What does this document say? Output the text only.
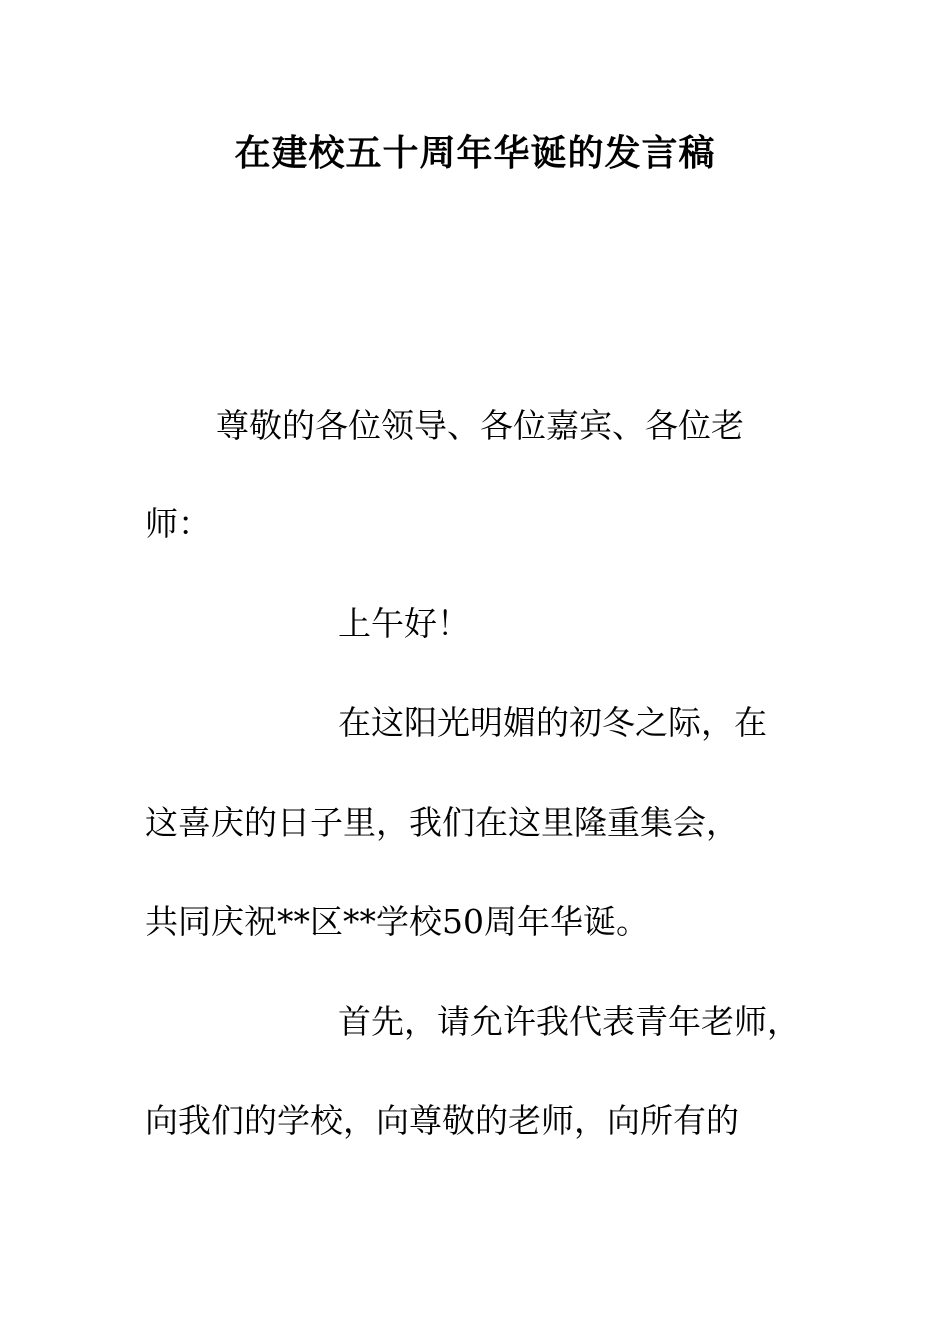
在建校五十周年华诞的发言稿
尊敬的各位领导、各位嘉宾、各位老
师：
上午好！
在这阳光明媚的初冬之际，在
这喜庆的日子里，我们在这里隆重集会，
共同庆祝**区**学校50周年华诞。
首先，请允许我代表青年老师，
向我们的学校，向尊敬的老师，向所有的
